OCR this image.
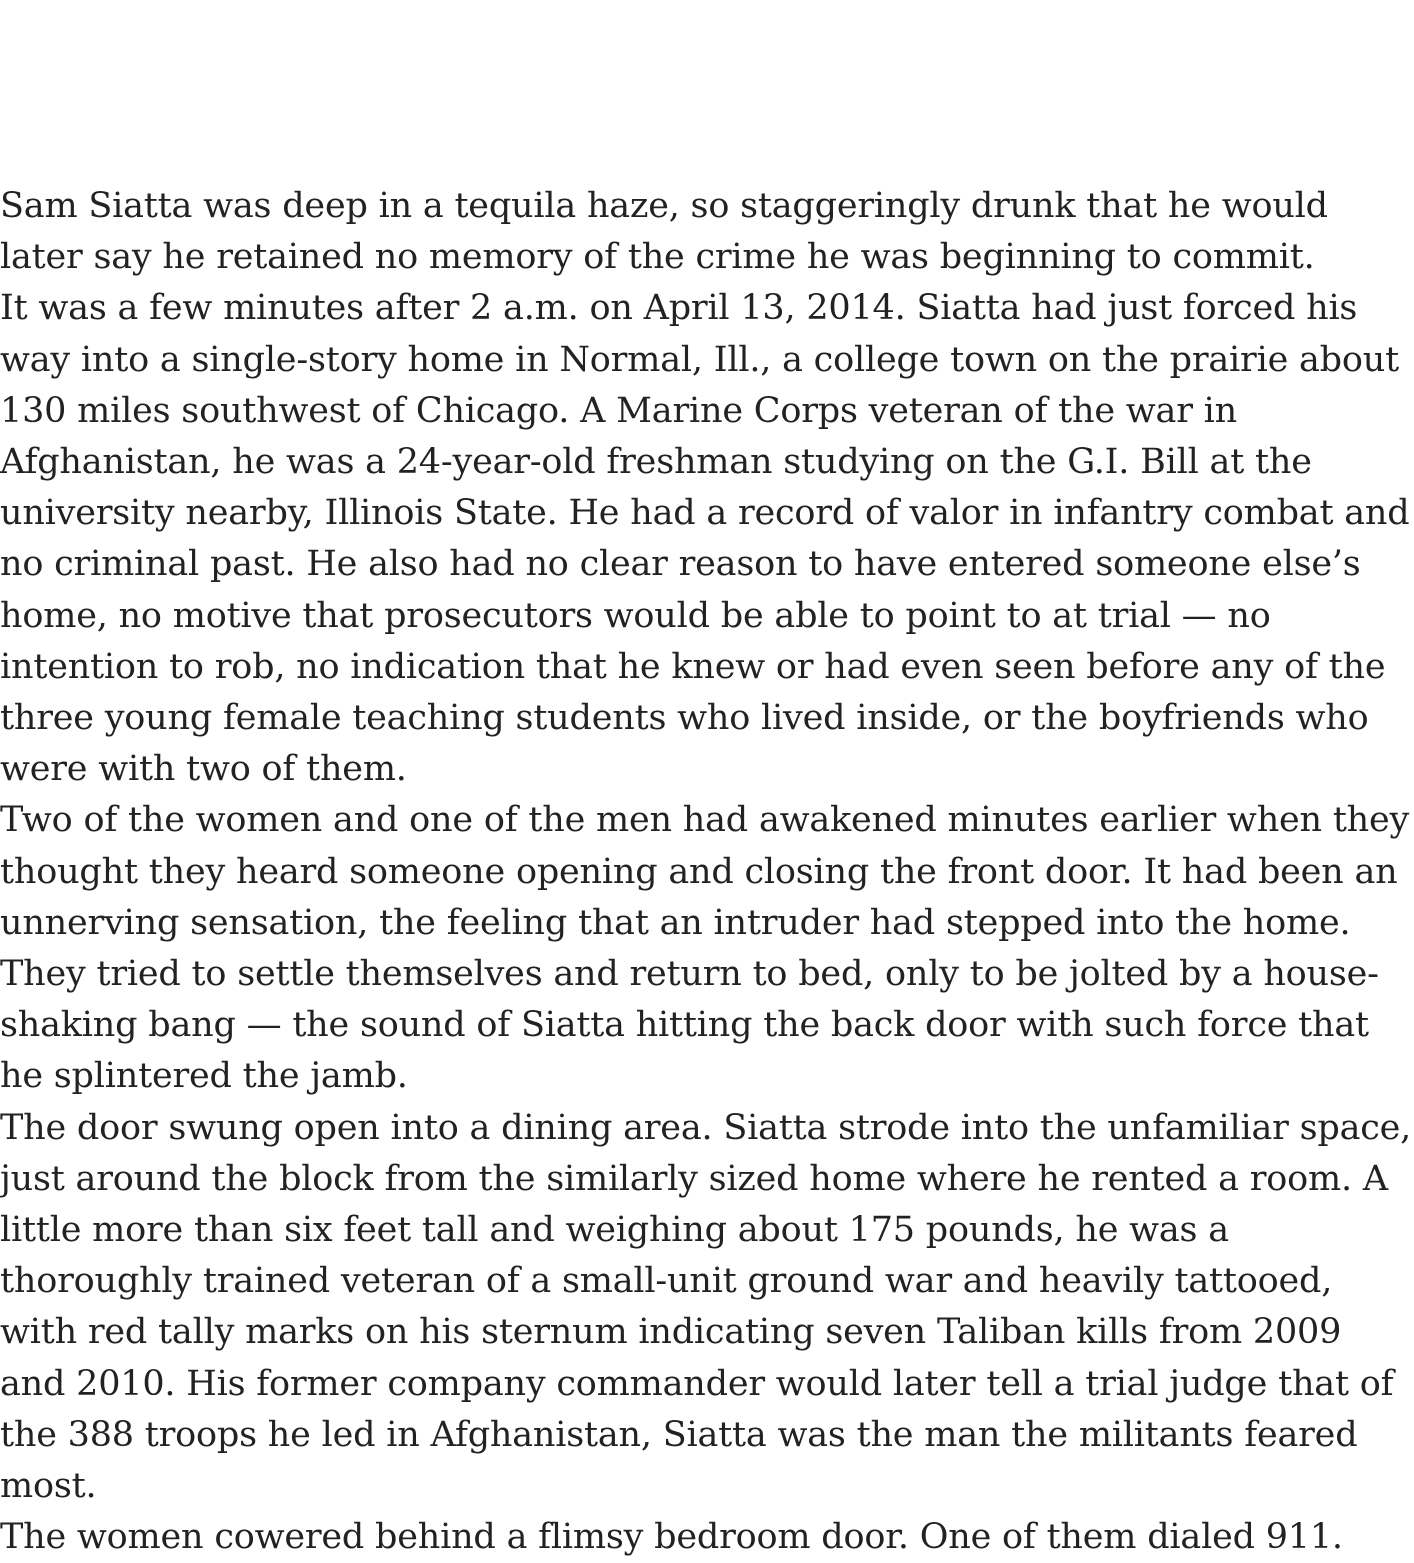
Sam Siatta was deep in a tequila haze, so staggeringly drunk that he would later say he retained no memory of the crime he was beginning to commit.

It was a few minutes after 2 a.m. on April 13, 2014. Siatta had just forced his way into a single-story home in Normal, Ill., a college town on the prairie about 130 miles southwest of Chicago. A Marine Corps veteran of the war in Afghanistan, he was a 24-year-old freshman studying on the G.I. Bill at the university nearby, Illinois State. He had a record of valor in infantry combat and no criminal past. He also had no clear reason to have entered someone else’s home, no motive that prosecutors would be able to point to at trial — no intention to rob, no indication that he knew or had even seen before any of the three young female teaching students who lived inside, or the boyfriends who were with two of them.

Two of the women and one of the men had awakened minutes earlier when they thought they heard someone opening and closing the front door. It had been an unnerving sensation, the feeling that an intruder had stepped into the home. They tried to settle themselves and return to bed, only to be jolted by a house-shaking bang — the sound of Siatta hitting the back door with such force that he splintered the jamb.

The door swung open into a dining area. Siatta strode into the unfamiliar space, just around the block from the similarly sized home where he rented a room. A little more than six feet tall and weighing about 175 pounds, he was a thoroughly trained veteran of a small-unit ground war and heavily tattooed, with red tally marks on his sternum indicating seven Taliban kills from 2009 and 2010. His former company commander would later tell a trial judge that of the 388 troops he led in Afghanistan, Siatta was the man the militants feared most.

The women cowered behind a flimsy bedroom door. One of them dialed 911.
